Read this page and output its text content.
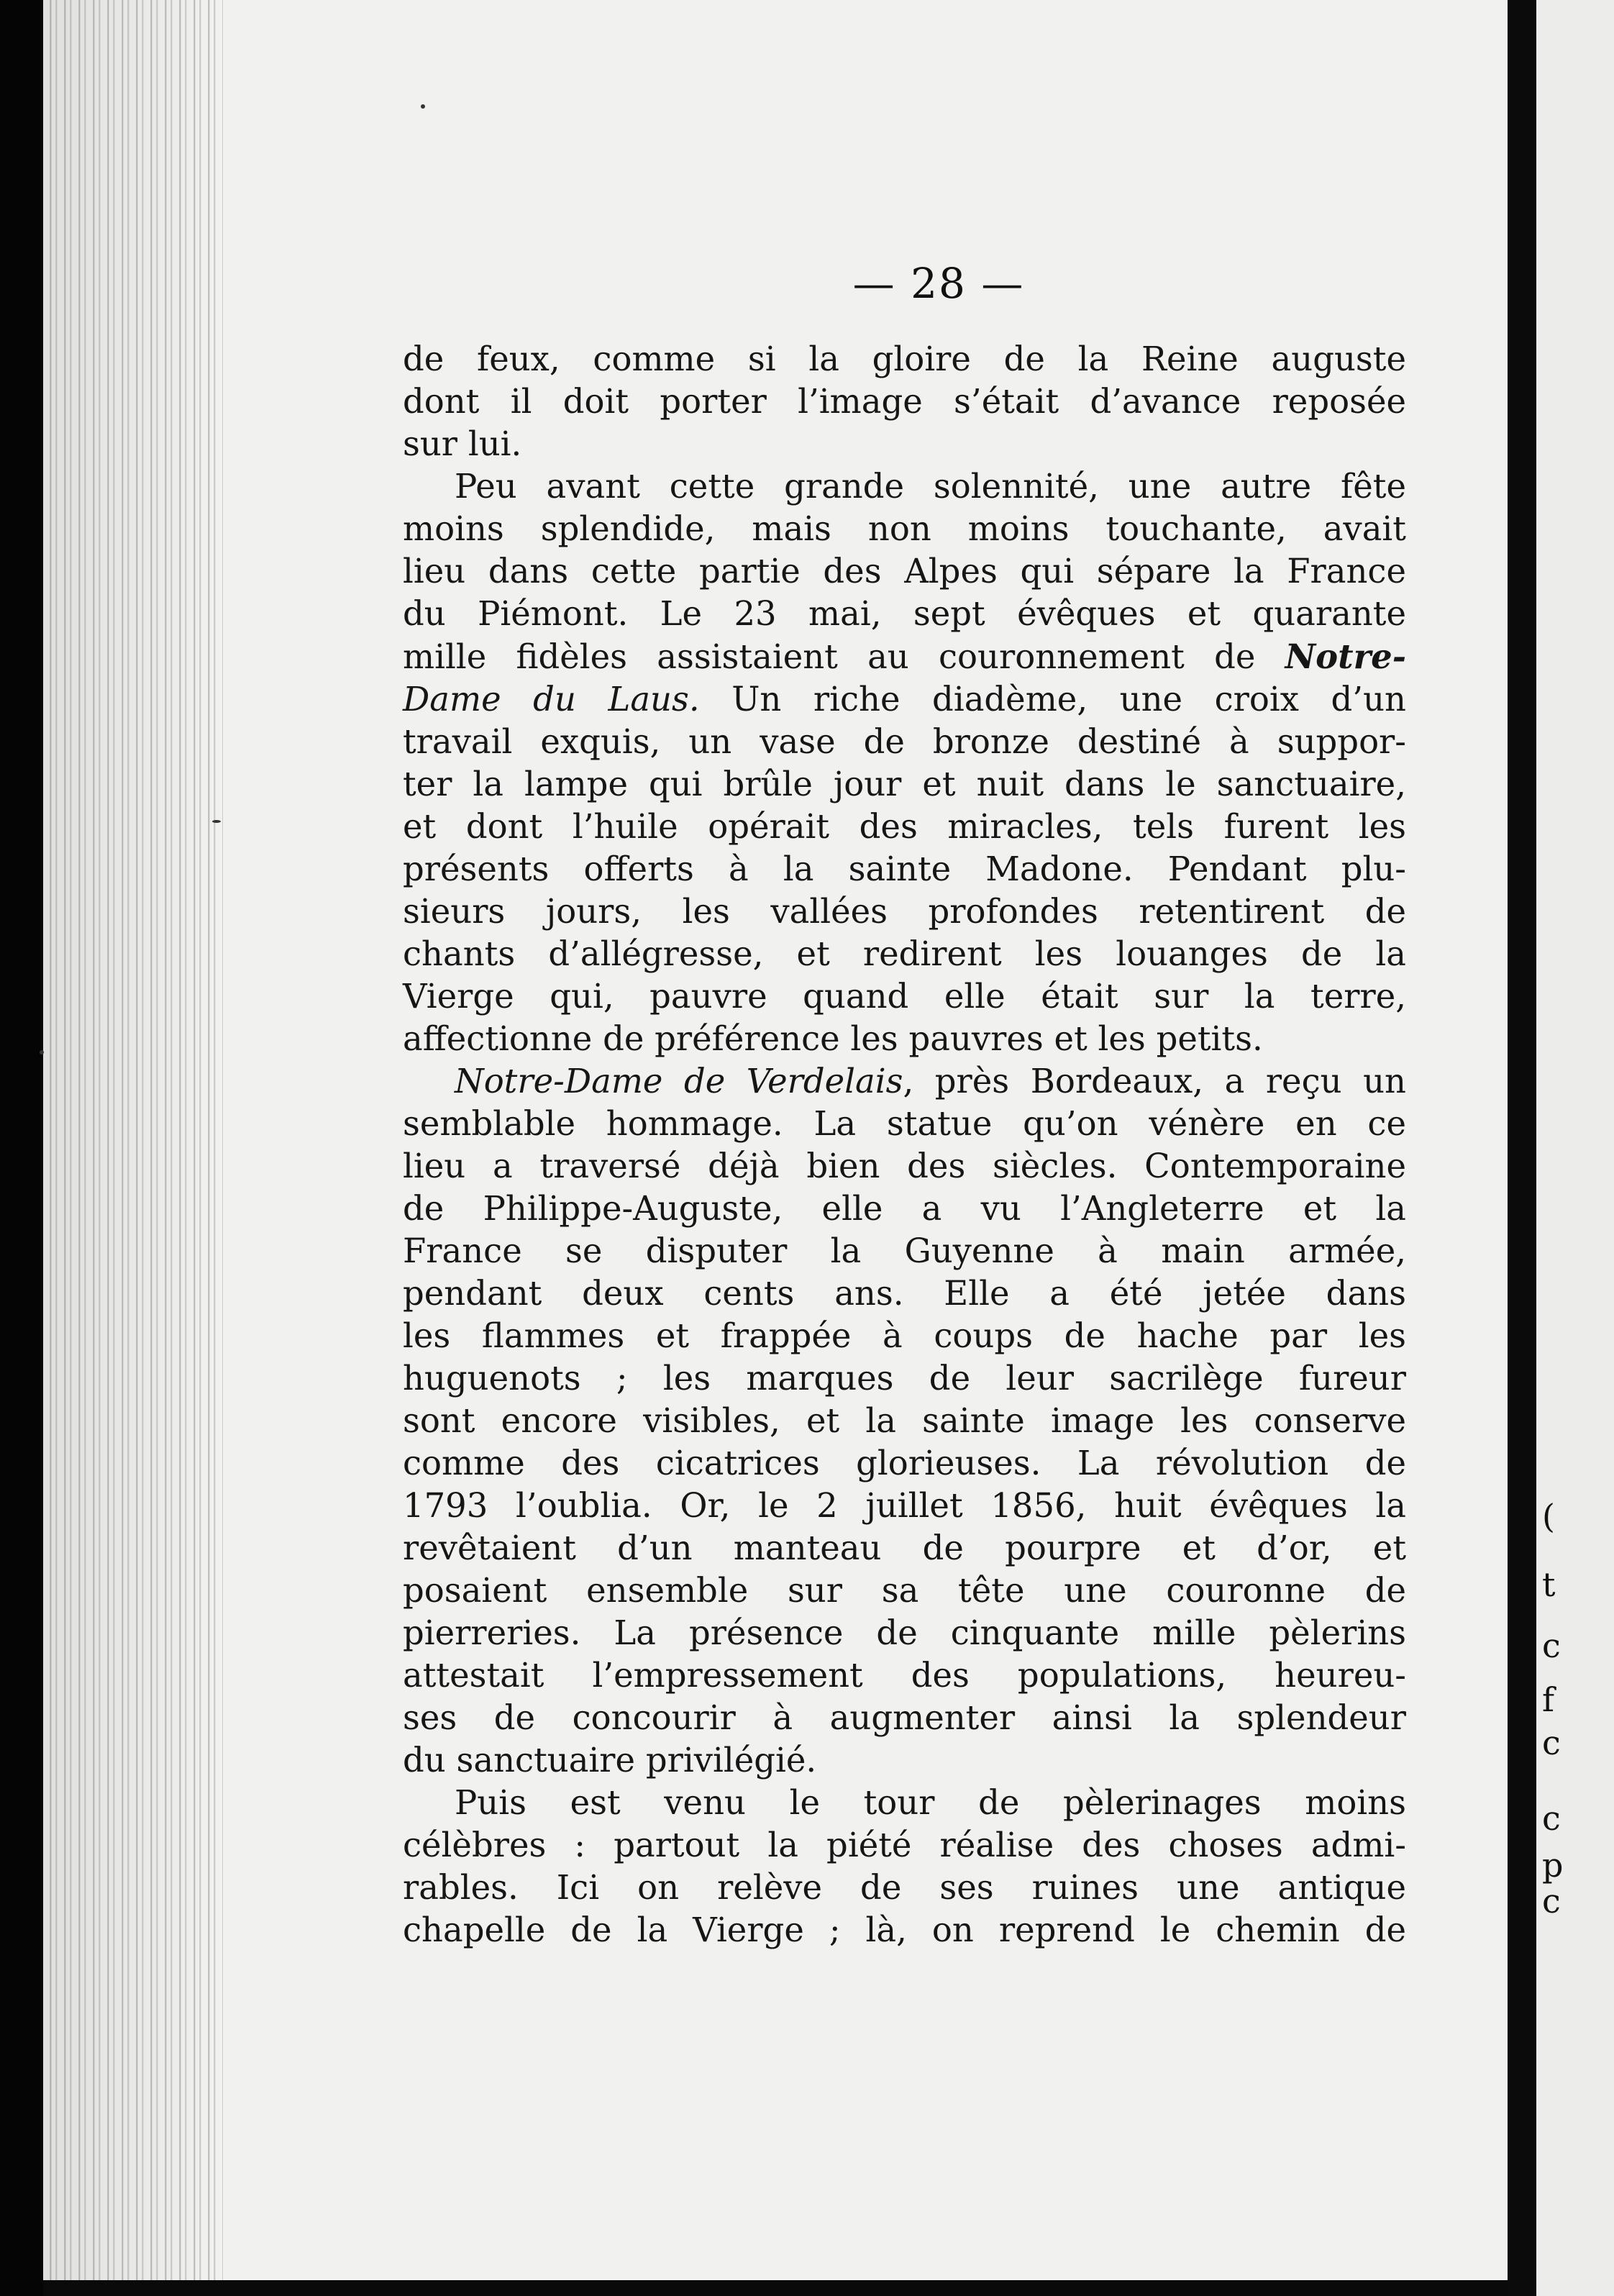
(
t
c
f
c
c
p
c
— 28 —
de feux, comme si la gloire de la Reine auguste
dont il doit porter l’image s’était d’avance reposée
sur lui.
Peu avant cette grande solennité, une autre fête
moins splendide, mais non moins touchante, avait
lieu dans cette partie des Alpes qui sépare la France
du Piémont. Le 23 mai, sept évêques et quarante
mille fidèles assistaient au couronnement de Notre-
Dame du Laus. Un riche diadème, une croix d’un
travail exquis, un vase de bronze destiné à suppor-
ter la lampe qui brûle jour et nuit dans le sanctuaire,
et dont l’huile opérait des miracles, tels furent les
présents offerts à la sainte Madone. Pendant plu-
sieurs jours, les vallées profondes retentirent de
chants d’allégresse, et redirent les louanges de la
Vierge qui, pauvre quand elle était sur la terre,
affectionne de préférence les pauvres et les petits.
Notre-Dame de Verdelais, près Bordeaux, a reçu un
semblable hommage. La statue qu’on vénère en ce
lieu a traversé déjà bien des siècles. Contemporaine
de Philippe-Auguste, elle a vu l’Angleterre et la
France se disputer la Guyenne à main armée,
pendant deux cents ans. Elle a été jetée dans
les flammes et frappée à coups de hache par les
huguenots ; les marques de leur sacrilège fureur
sont encore visibles, et la sainte image les conserve
comme des cicatrices glorieuses. La révolution de
1793 l’oublia. Or, le 2 juillet 1856, huit évêques la
revêtaient d’un manteau de pourpre et d’or, et
posaient ensemble sur sa tête une couronne de
pierreries. La présence de cinquante mille pèlerins
attestait l’empressement des populations, heureu-
ses de concourir à augmenter ainsi la splendeur
du sanctuaire privilégié.
Puis est venu le tour de pèlerinages moins
célèbres : partout la piété réalise des choses admi-
rables. Ici on relève de ses ruines une antique
chapelle de la Vierge ; là, on reprend le chemin de
